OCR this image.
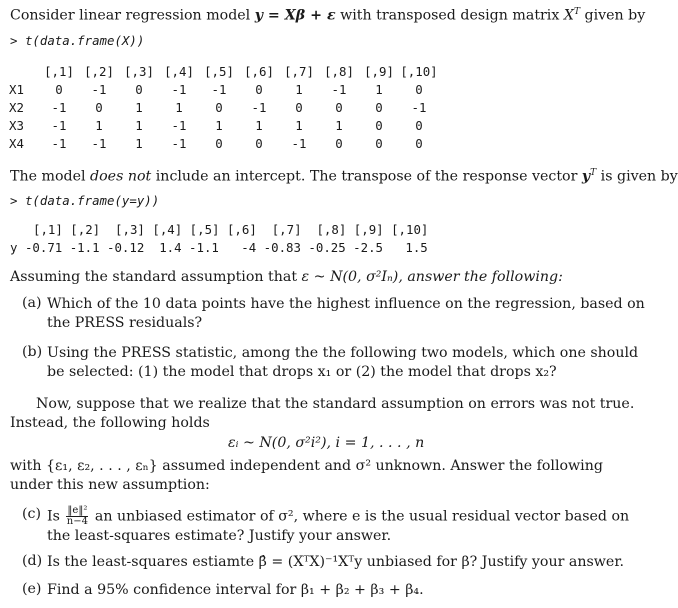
Consider linear regression model y = Xβ + ε with transposed design matrix $X^T$ given by
> t(data.frame(X))
	[,1]	[,2]	[,3]	[,4]	[,5]	[,6]	[,7]	[,8]	[,9]	[,10]
X1	0	-1	0	-1	-1	0	1	-1	1	0
X2	-1	0	1	1	0	-1	0	0	0	-1
X3	-1	1	1	-1	1	1	1	1	0	0
X4	-1	-1	1	-1	0	0	-1	0	0	0
The model does not include an intercept. The transpose of the response vector $y^T$ is given by
> t(data.frame(y=y))
[,1] [,2]  [,3] [,4] [,5] [,6]  [,7]  [,8] [,9] [,10]
y -0.71 -1.1 -0.12  1.4 -1.1   -4 -0.83 -0.25 -2.5   1.5
Assuming the standard assumption that ε ~ N(0, σ²Iₙ), answer the following:
(a) Which of the 10 data points have the highest influence on the regression, based on the PRESS residuals?
(b) Using the PRESS statistic, among the the following two models, which one should be selected: (1) the model that drops x₁ or (2) the model that drops x₂?
Now, suppose that we realize that the standard assumption on errors was not true. Instead, the following holds
εᵢ ~ N(0, σ²i²), i = 1, . . . , n
with {ε₁, ε₂, . . . , εₙ} assumed independent and σ² unknown. Answer the following under this new assumption:
(c) Is $\frac{\text{‖e‖²}}{n-4}$ an unbiased estimator of σ², where e is the usual residual vector based on the least-squares estimate? Justify your answer.
(d) Is the least-squares estiamte β̂ = (XᵀX)⁻¹Xᵀy unbiased for β? Justify your answer.
(e) Find a 95% confidence interval for β₁ + β₂ + β₃ + β₄.
